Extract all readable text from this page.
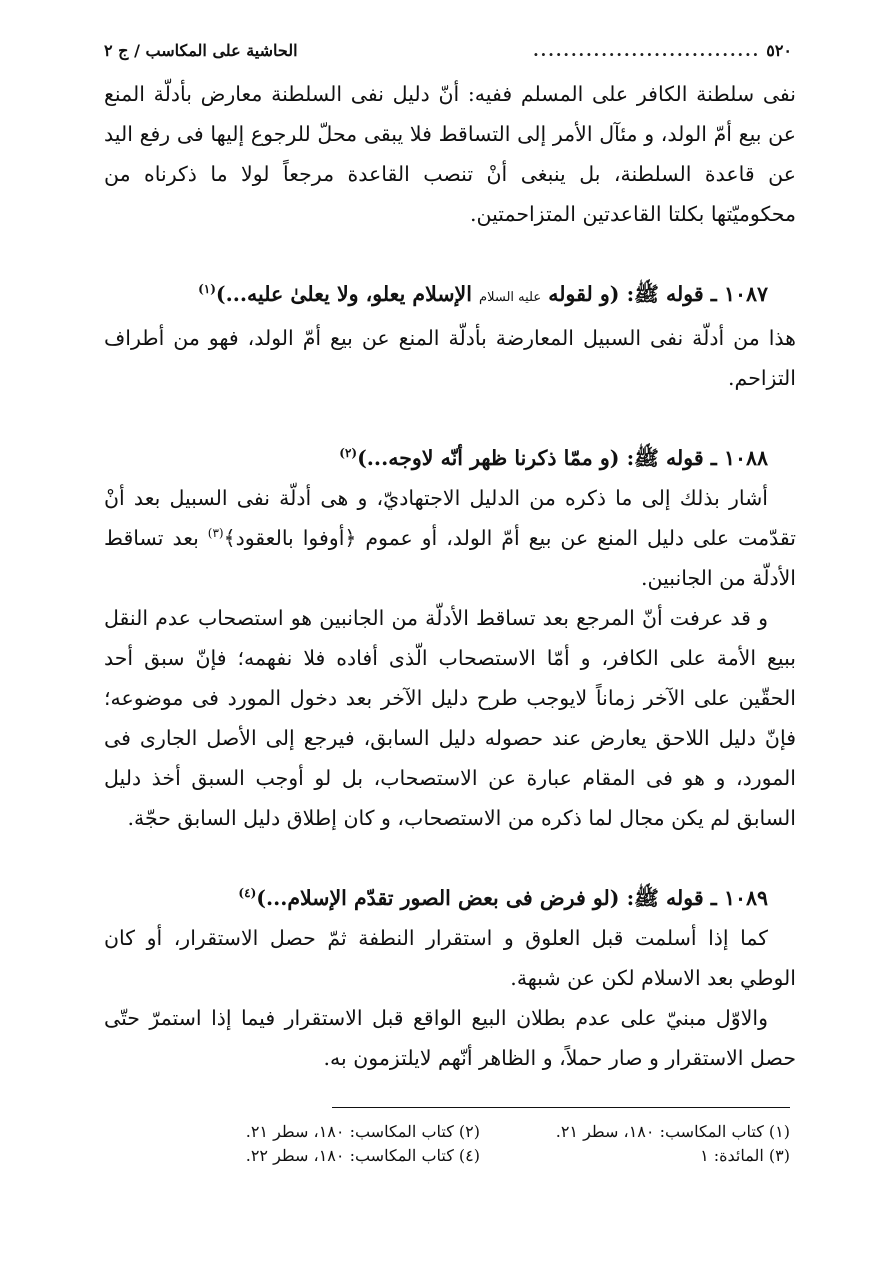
٥٢٠
..............................
الحاشية على المكاسب / ج ٢

نفى سلطنة الكافر على المسلم ففيه: أنّ دليل نفى السلطنة معارض بأدلّة المنع عن بيع أمّ الولد، و مئآل الأمر إلى التساقط فلا يبقى محلّ للرجوع إليها فى رفع اليد عن قاعدة السلطنة، بل ينبغى أنْ تنصب القاعدة مرجعاً لولا ما ذكرناه من محكوميّتها بكلتا القاعدتين المتزاحمتين.

١٠٨٧ ـ قوله ﷺ: (و لقوله عليه السلام الإسلام يعلو، ولا يعلىٰ عليه...)$^{(١)}$

هذا من أدلّة نفى السبيل المعارضة بأدلّة المنع عن بيع أمّ الولد، فهو من أطراف التزاحم.

١٠٨٨ ـ قوله ﷺ: (و ممّا ذكرنا ظهر أنّه لاوجه...)$^{(٢)}$

أشار بذلك إلى ما ذكره من الدليل الاجتهاديّ، و هى أدلّة نفى السبيل بعد أنْ تقدّمت على دليل المنع عن بيع أمّ الولد، أو عموم ﴿أوفوا بالعقود﴾$^{(٣)}$ بعد تساقط الأدلّة من الجانبين.

و قد عرفت أنّ المرجع بعد تساقط الأدلّة من الجانبين هو استصحاب عدم النقل ببيع الأمة على الكافر، و أمّا الاستصحاب الّذى أفاده فلا نفهمه؛ فإنّ سبق أحد الحقّين على الآخر زماناً لايوجب طرح دليل الآخر بعد دخول المورد فى موضوعه؛ فإنّ دليل اللاحق يعارض عند حصوله دليل السابق، فيرجع إلى الأصل الجارى فى المورد، و هو فى المقام عبارة عن الاستصحاب، بل لو أوجب السبق أخذ دليل السابق لم يكن مجال لما ذكره من الاستصحاب، و كان إطلاق دليل السابق حجّة.

١٠٨٩ ـ قوله ﷺ: (لو فرض فى بعض الصور تقدّم الإسلام...)$^{(٤)}$

كما إذا أسلمت قبل العلوق و استقرار النطفة ثمّ حصل الاستقرار، أو كان الوطي بعد الاسلام لكن عن شبهة.

والاوّل مبنيّ على عدم بطلان البيع الواقع قبل الاستقرار فيما إذا استمرّ حتّى حصل الاستقرار و صار حملاً، و الظاهر أنّهم لايلتزمون به.

(١) كتاب المكاسب: ١٨٠، سطر ٢١.
(٢) كتاب المكاسب: ١٨٠، سطر ٢١.
(٣) المائدة: ١
(٤) كتاب المكاسب: ١٨٠، سطر ٢٢.
